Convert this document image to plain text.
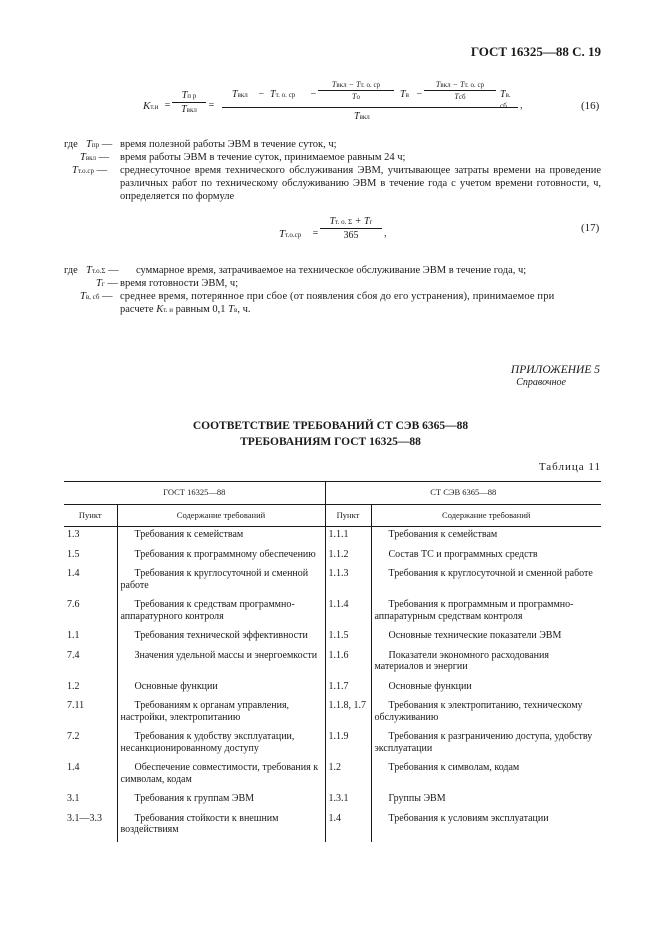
ГОСТ 16325—88 С. 19
Kт.и =
Tп р
Tвкл	=
Tвкл − Tт. о. ср −
Tвкл − Tт. о. ср
Tо	Tв −
Tвкл − Tт. о. ср
Tсб	Tв. сб
Tвкл
,	(16)
где Tпр — время полезной работы ЭВМ в течение суток, ч;
Tвкл — время работы ЭВМ в течение суток, принимаемое равным 24 ч;
Tт.о.ср — среднесуточное время технического обслуживания ЭВМ, учитывающее затраты времени на проведение различных работ по техническому обслуживанию ЭВМ в течение года с учетом времени готовности, ч, определяется по формуле
Tт.о.ср =
Tт. о. Σ + Tг
365	,	(17)
где Tт.о.Σ — суммарное время, затрачиваемое на техническое обслуживание ЭВМ в течение года, ч;
Tг — время готовности ЭВМ, ч;
Tв, сб — среднее время, потерянное при сбое (от появления сбоя до его устранения), принимаемое при
расчете Kт. и равным 0,1 Tв, ч.
ПРИЛОЖЕНИЕ 5
Справочное
СООТВЕТСТВИЕ ТРЕБОВАНИЙ СТ СЭВ 6365—88
ТРЕБОВАНИЯМ ГОСТ 16325—88
Таблица 11
ГОСТ 16325—88		СТ СЭВ 6365—88	
Пункт	Содержание требований	Пункт	Содержание требований
1.3	Требования к семействам	1.1.1	Требования к семействам
1.5	Требования к программному обеспечению	1.1.2	Состав ТС и программных средств
1.4	Требования к круглосуточной и сменной работе	1.1.3	Требования к круглосуточной и сменной работе
7.6	Требования к средствам программно-аппаратурного контроля	1.1.4	Требования к программным и программно-аппаратурным средствам контроля
1.1	Требования технической эффективности	1.1.5	Основные технические показатели ЭВМ
7.4	Значения удельной массы и энергоемкости	1.1.6	Показатели экономного расходования материалов и энергии
1.2	Основные функции	1.1.7	Основные функции
7.11	Требованиям к органам управления, настройки, электропитанию	1.1.8, 1.7	Требования к электропитанию, техническому обслуживанию
7.2	Требования к удобству эксплуатации, несанкционированному доступу	1.1.9	Требования к разграничению доступа, удобству эксплуатации
1.4	Обеспечение совместимости, требования к символам, кодам	1.2	Требования к символам, кодам
3.1	Требования к группам ЭВМ	1.3.1	Группы ЭВМ
3.1—3.3	Требования стойкости к внешним воздействиям	1.4	Требования к условиям эксплуатации
